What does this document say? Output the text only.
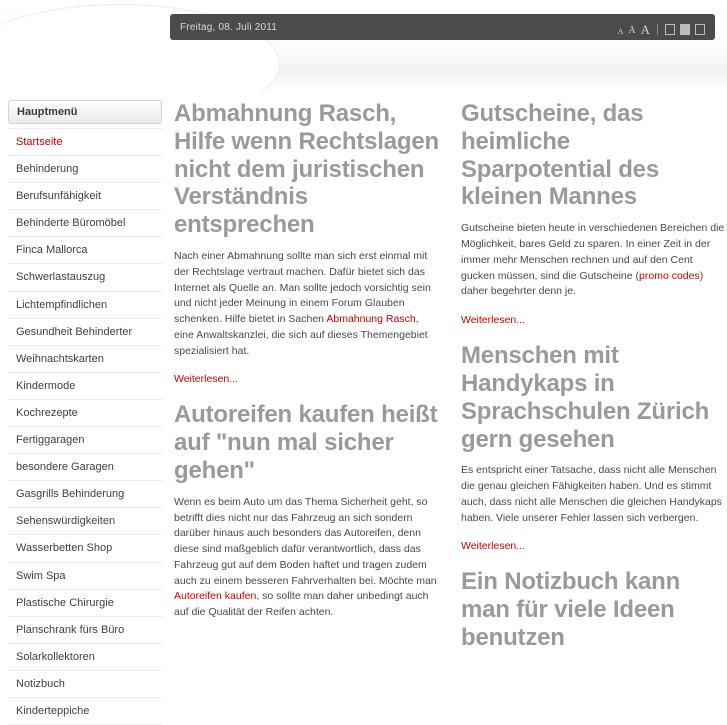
Freitag, 08. Juli 2011	A A A
Hauptmenü
Startseite
Behinderung
Berufsunfähigkeit
Behinderte Büromöbel
Finca Mallorca
Schwerlastauszug
Lichtempfindlichen
Gesundheit Behinderter
Weihnachtskarten
Kindermode
Kochrezepte
Fertiggaragen
besondere Garagen
Gasgrills Behinderung
Sehenswürdigkeiten
Wasserbetten Shop
Swim Spa
Plastische Chirurgie
Planschrank fürs Büro
Solarkollektoren
Notizbuch
Kinderteppiche
Abmahnung Rasch, Hilfe wenn Rechtslagen nicht dem juristischen Verständnis entsprechen

Nach einer Abmahnung sollte man sich erst einmal mit der Rechtslage vertraut machen. Dafür bietet sich das Internet als Quelle an. Man sollte jedoch vorsichtig sein und nicht jeder Meinung in einem Forum Glauben schenken. Hilfe bietet in Sachen Abmahnung Rasch, eine Anwaltskanzlei, die sich auf dieses Themengebiet spezialisiert hat.

Weiterlesen...
Autoreifen kaufen heißt auf "nun mal sicher gehen"

Wenn es beim Auto um das Thema Sicherheit geht, so betrifft dies nicht nur das Fahrzeug an sich sondern darüber hinaus auch besonders das Autoreifen, denn diese sind maßgeblich dafür verantwortlich, dass das Fahrzeug gut auf dem Boden haftet und tragen zudem auch zu einem besseren Fahrverhalten bei. Möchte man Autoreifen kaufen, so sollte man daher unbedingt auch auf die Qualität der Reifen achten.

Gutscheine, das heimliche Sparpotential des kleinen Mannes

Gutscheine bieten heute in verschiedenen Bereichen die Möglichkeit, bares Geld zu sparen. In einer Zeit in der immer mehr Menschen rechnen und auf den Cent gucken müssen, sind die Gutscheine (promo codes) daher begehrter denn je.

Weiterlesen...
Menschen mit Handykaps in Sprachschulen Zürich gern gesehen

Es entspricht einer Tatsache, dass nicht alle Menschen die genau gleichen Fähigkeiten haben. Und es stimmt auch, dass nicht alle Menschen die gleichen Handykaps haben. Viele unserer Fehler lassen sich verbergen.

Weiterlesen...
Ein Notizbuch kann man für viele Ideen benutzen
